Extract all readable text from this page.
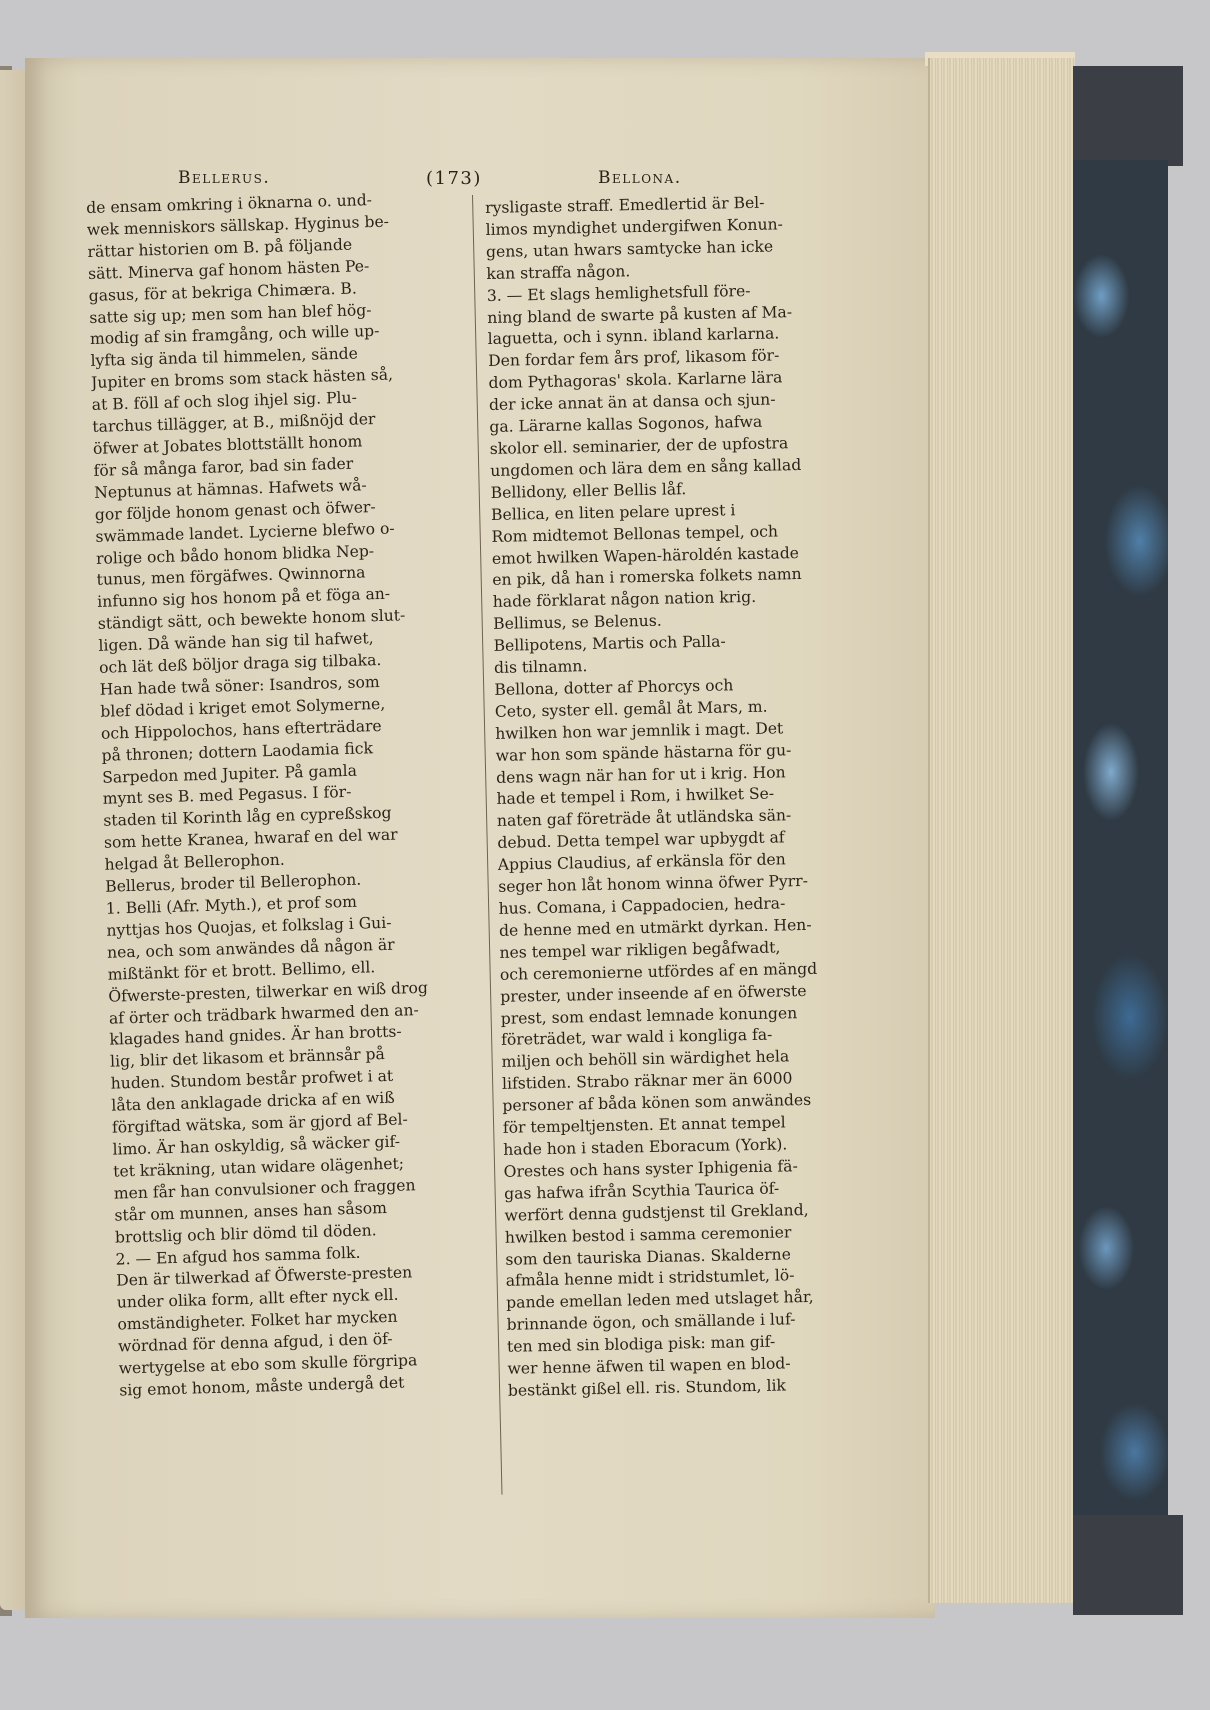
Bellerus.	(173)	Bellona.
de ensam omkring i öknarna o. und-
wek menniskors sällskap. Hyginus be-
rättar historien om B. på följande
sätt. Minerva gaf honom hästen Pe-
gasus, för at bekriga Chimæra. B.
satte sig up; men som han blef hög-
modig af sin framgång, och wille up-
lyfta sig ända til himmelen, sände
Jupiter en broms som stack hästen så,
at B. föll af och slog ihjel sig. Plu-
tarchus tillägger, at B., mißnöjd der
öfwer at Jobates blottställt honom
för så många faror, bad sin fader
Neptunus at hämnas. Hafwets wå-
gor följde honom genast och öfwer-
swämmade landet. Lycierne blefwo o-
rolige och bådo honom blidka Nep-
tunus, men förgäfwes. Qwinnorna
infunno sig hos honom på et föga an-
ständigt sätt, och bewekte honom slut-
ligen. Då wände han sig til hafwet,
och lät deß böljor draga sig tilbaka.
Han hade twå söner: Isandros, som
blef dödad i kriget emot Solymerne,
och Hippolochos, hans efterträdare
på thronen; dottern Laodamia fick
Sarpedon med Jupiter. På gamla
mynt ses B. med Pegasus. I för-
staden til Korinth låg en cypreßskog
som hette Kranea, hwaraf en del war
helgad åt Bellerophon.
Bellerus, broder til Bellerophon.
1. Belli (Afr. Myth.), et prof som
nyttjas hos Quojas, et folkslag i Gui-
nea, och som anwändes då någon är
mißtänkt för et brott. Bellimo, ell.
Öfwerste-presten, tilwerkar en wiß drog
af örter och trädbark hwarmed den an-
klagades hand gnides. Är han brotts-
lig, blir det likasom et brännsår på
huden. Stundom består profwet i at
låta den anklagade dricka af en wiß
förgiftad wätska, som är gjord af Bel-
limo. Är han oskyldig, så wäcker gif-
tet kräkning, utan widare olägenhet;
men får han convulsioner och fraggen
står om munnen, anses han såsom
brottslig och blir dömd til döden.
2. — En afgud hos samma folk.
Den är tilwerkad af Öfwerste-presten
under olika form, allt efter nyck ell.
omständigheter. Folket har mycken
wördnad för denna afgud, i den öf-
wertygelse at ebo som skulle förgripa
sig emot honom, måste undergå det
rysligaste straff. Emedlertid är Bel-
limos myndighet undergifwen Konun-
gens, utan hwars samtycke han icke
kan straffa någon.
3. — Et slags hemlighetsfull före-
ning bland de swarte på kusten af Ma-
laguetta, och i synn. ibland karlarna.
Den fordar fem års prof, likasom för-
dom Pythagoras' skola. Karlarne lära
der icke annat än at dansa och sjun-
ga. Lärarne kallas Sogonos, hafwa
skolor ell. seminarier, der de upfostra
ungdomen och lära dem en sång kallad
Bellidony, eller Bellis låf.
Bellica, en liten pelare uprest i
Rom midtemot Bellonas tempel, och
emot hwilken Wapen-häroldén kastade
en pik, då han i romerska folkets namn
hade förklarat någon nation krig.
Bellimus, se Belenus.
Bellipotens, Martis och Palla-
dis tilnamn.
Bellona, dotter af Phorcys och
Ceto, syster ell. gemål åt Mars, m.
hwilken hon war jemnlik i magt. Det
war hon som spände hästarna för gu-
dens wagn när han for ut i krig. Hon
hade et tempel i Rom, i hwilket Se-
naten gaf företräde åt utländska sän-
debud. Detta tempel war upbygdt af
Appius Claudius, af erkänsla för den
seger hon låt honom winna öfwer Pyrr-
hus. Comana, i Cappadocien, hedra-
de henne med en utmärkt dyrkan. Hen-
nes tempel war rikligen begåfwadt,
och ceremonierne utfördes af en mängd
prester, under inseende af en öfwerste
prest, som endast lemnade konungen
företrädet, war wald i kongliga fa-
miljen och behöll sin wärdighet hela
lifstiden. Strabo räknar mer än 6000
personer af båda könen som anwändes
för tempeltjensten. Et annat tempel
hade hon i staden Eboracum (York).
Orestes och hans syster Iphigenia fä-
gas hafwa ifrån Scythia Taurica öf-
werfört denna gudstjenst til Grekland,
hwilken bestod i samma ceremonier
som den tauriska Dianas. Skalderne
afmåla henne midt i stridstumlet, lö-
pande emellan leden med utslaget hår,
brinnande ögon, och smällande i luf-
ten med sin blodiga pisk: man gif-
wer henne äfwen til wapen en blod-
bestänkt gißel ell. ris. Stundom, lik
